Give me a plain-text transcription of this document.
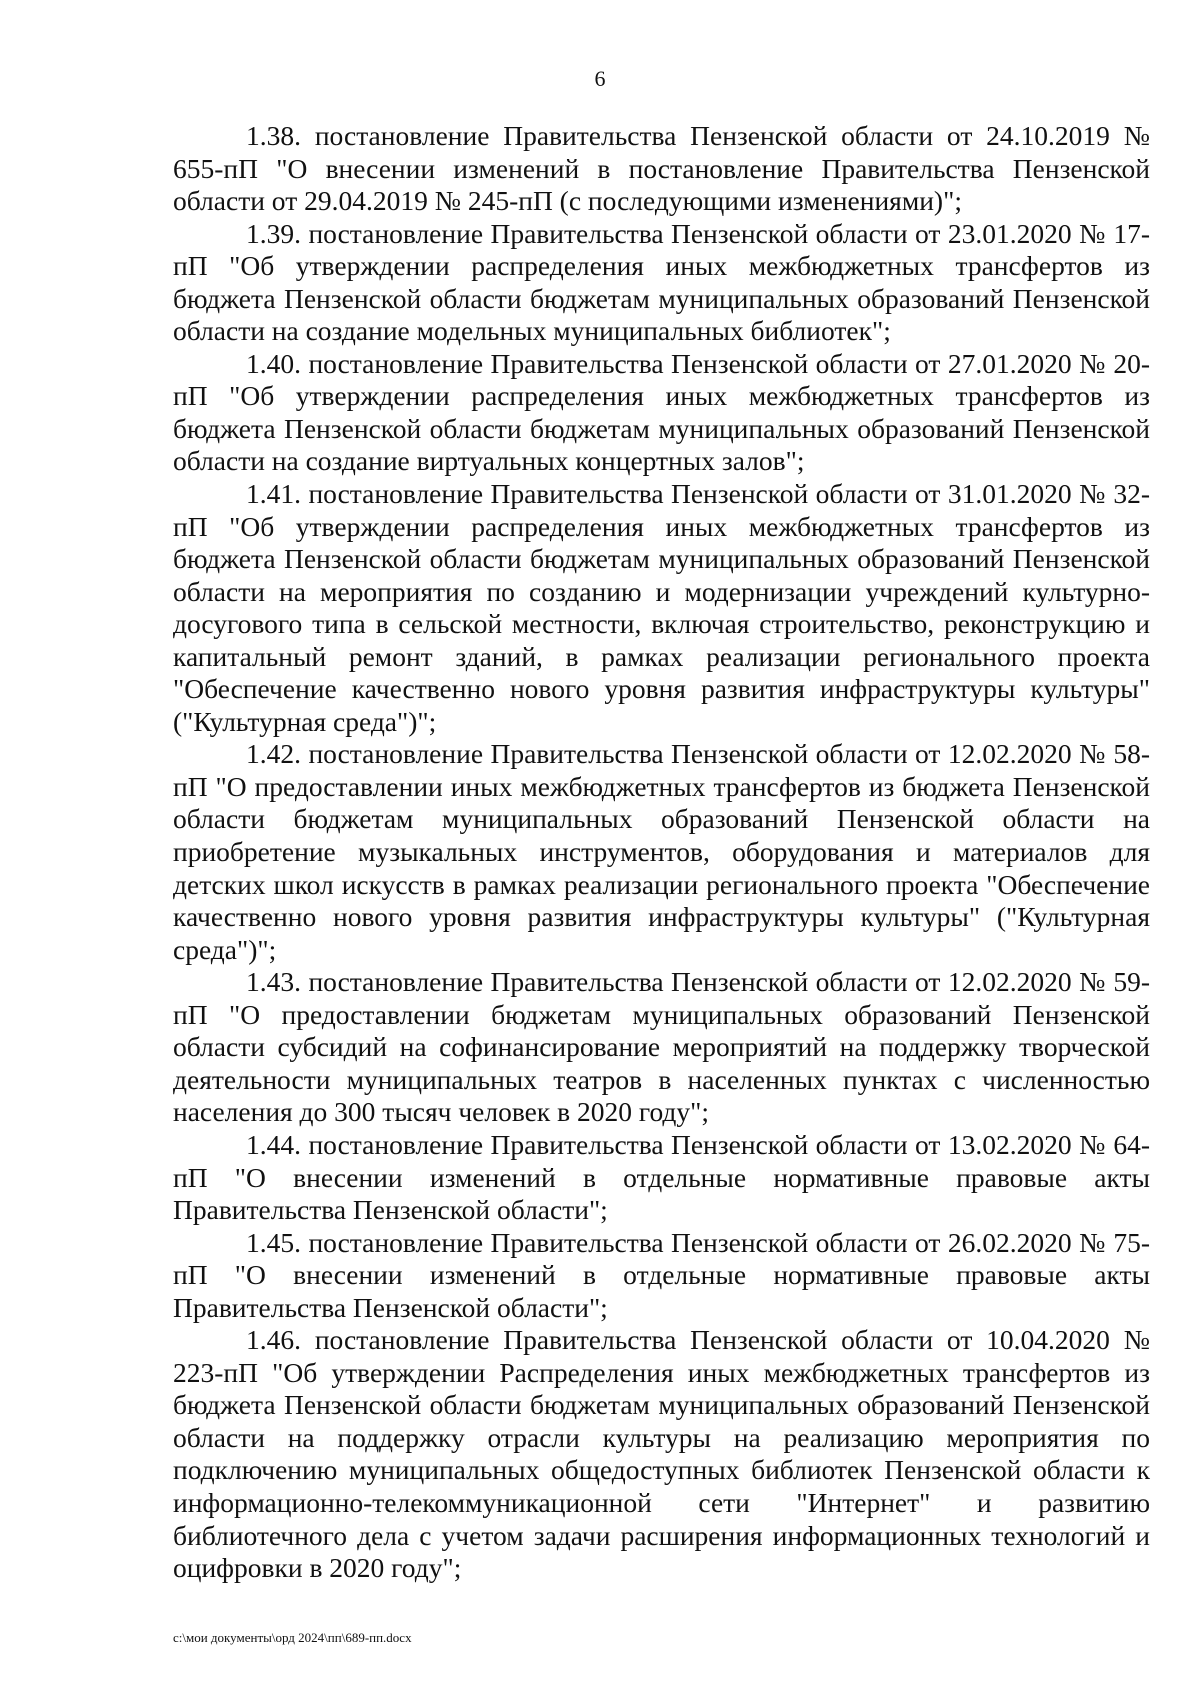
6

1.38. постановление Правительства Пензенской области от 24.10.2019 № 655-пП "О внесении изменений в постановление Правительства Пензенской области от 29.04.2019 № 245-пП (с последующими изменениями)";

1.39. постановление Правительства Пензенской области от 23.01.2020 № 17-пП "Об утверждении распределения иных межбюджетных трансфертов из бюджета Пензенской области бюджетам муниципальных образований Пензенской области на создание модельных муниципальных библиотек";

1.40. постановление Правительства Пензенской области от 27.01.2020 № 20-пП "Об утверждении распределения иных межбюджетных трансфертов из бюджета Пензенской области бюджетам муниципальных образований Пензенской области на создание виртуальных концертных залов";

1.41. постановление Правительства Пензенской области от 31.01.2020 № 32-пП "Об утверждении распределения иных межбюджетных трансфертов из бюджета Пензенской области бюджетам муниципальных образований Пензенской области на мероприятия по созданию и модернизации учреждений культурно-досугового типа в сельской местности, включая строительство, реконструкцию и капитальный ремонт зданий, в рамках реализации регионального проекта "Обеспечение качественно нового уровня развития инфраструктуры культуры" ("Культурная среда")";

1.42. постановление Правительства Пензенской области от 12.02.2020 № 58-пП "О предоставлении иных межбюджетных трансфертов из бюджета Пензенской области бюджетам муниципальных образований Пензенской области на приобретение музыкальных инструментов, оборудования и материалов для детских школ искусств в рамках реализации регионального проекта "Обеспечение качественно нового уровня развития инфраструктуры культуры" ("Культурная среда")";

1.43. постановление Правительства Пензенской области от 12.02.2020 № 59-пП "О предоставлении бюджетам муниципальных образований Пензенской области субсидий на софинансирование мероприятий на поддержку творческой деятельности муниципальных театров в населенных пунктах с численностью населения до 300 тысяч человек в 2020 году";

1.44. постановление Правительства Пензенской области от 13.02.2020 № 64-пП "О внесении изменений в отдельные нормативные правовые акты Правительства Пензенской области";

1.45. постановление Правительства Пензенской области от 26.02.2020 № 75-пП "О внесении изменений в отдельные нормативные правовые акты Правительства Пензенской области";

1.46. постановление Правительства Пензенской области от 10.04.2020 № 223-пП "Об утверждении Распределения иных межбюджетных трансфертов из бюджета Пензенской области бюджетам муниципальных образований Пензенской области на поддержку отрасли культуры на реализацию мероприятия по подключению муниципальных общедоступных библиотек Пензенской области к информационно-телекоммуникационной сети "Интернет" и развитию библиотечного дела с учетом задачи расширения информационных технологий и оцифровки в 2020 году";

c:\мои документы\орд 2024\пп\689-пп.docx
